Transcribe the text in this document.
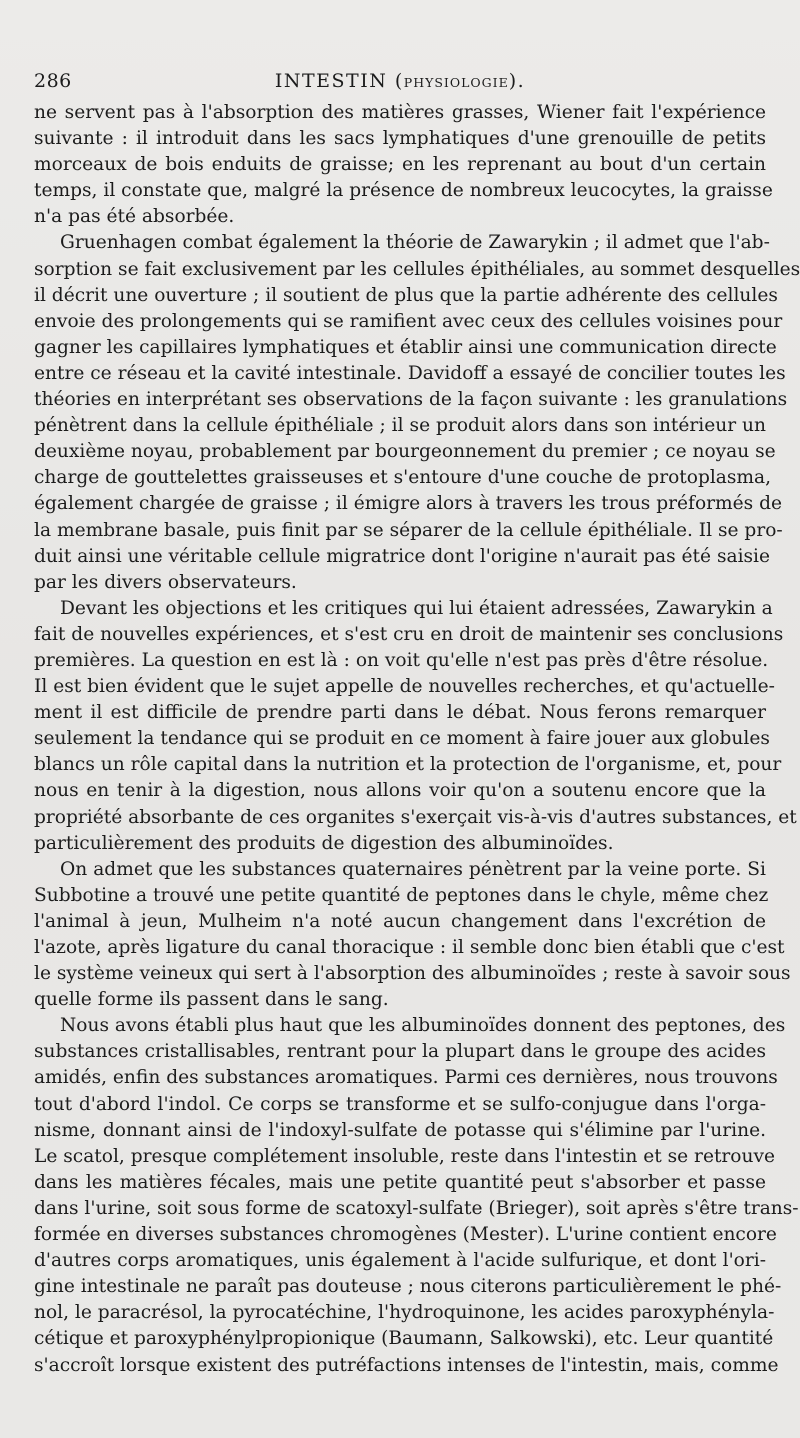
286	INTESTIN (PHYSIOLOGIE).
ne servent pas à l'absorption des matières grasses, Wiener fait l'expérience
suivante : il introduit dans les sacs lymphatiques d'une grenouille de petits
morceaux de bois enduits de graisse; en les reprenant au bout d'un certain
temps, il constate que, malgré la présence de nombreux leucocytes, la graisse
n'a pas été absorbée.
Gruenhagen combat également la théorie de Zawarykin ; il admet que l'ab-
sorption se fait exclusivement par les cellules épithéliales, au sommet desquelles
il décrit une ouverture ; il soutient de plus que la partie adhérente des cellules
envoie des prolongements qui se ramifient avec ceux des cellules voisines pour
gagner les capillaires lymphatiques et établir ainsi une communication directe
entre ce réseau et la cavité intestinale. Davidoff a essayé de concilier toutes les
théories en interprétant ses observations de la façon suivante : les granulations
pénètrent dans la cellule épithéliale ; il se produit alors dans son intérieur un
deuxième noyau, probablement par bourgeonnement du premier ; ce noyau se
charge de gouttelettes graisseuses et s'entoure d'une couche de protoplasma,
également chargée de graisse ; il émigre alors à travers les trous préformés de
la membrane basale, puis finit par se séparer de la cellule épithéliale. Il se pro-
duit ainsi une véritable cellule migratrice dont l'origine n'aurait pas été saisie
par les divers observateurs.
Devant les objections et les critiques qui lui étaient adressées, Zawarykin a
fait de nouvelles expériences, et s'est cru en droit de maintenir ses conclusions
premières. La question en est là : on voit qu'elle n'est pas près d'être résolue.
Il est bien évident que le sujet appelle de nouvelles recherches, et qu'actuelle-
ment il est difficile de prendre parti dans le débat. Nous ferons remarquer
seulement la tendance qui se produit en ce moment à faire jouer aux globules
blancs un rôle capital dans la nutrition et la protection de l'organisme, et, pour
nous en tenir à la digestion, nous allons voir qu'on a soutenu encore que la
propriété absorbante de ces organites s'exerçait vis-à-vis d'autres substances, et
particulièrement des produits de digestion des albuminoïdes.
On admet que les substances quaternaires pénètrent par la veine porte. Si
Subbotine a trouvé une petite quantité de peptones dans le chyle, même chez
l'animal à jeun, Mulheim n'a noté aucun changement dans l'excrétion de
l'azote, après ligature du canal thoracique : il semble donc bien établi que c'est
le système veineux qui sert à l'absorption des albuminoïdes ; reste à savoir sous
quelle forme ils passent dans le sang.
Nous avons établi plus haut que les albuminoïdes donnent des peptones, des
substances cristallisables, rentrant pour la plupart dans le groupe des acides
amidés, enfin des substances aromatiques. Parmi ces dernières, nous trouvons
tout d'abord l'indol. Ce corps se transforme et se sulfo-conjugue dans l'orga-
nisme, donnant ainsi de l'indoxyl-sulfate de potasse qui s'élimine par l'urine.
Le scatol, presque complétement insoluble, reste dans l'intestin et se retrouve
dans les matières fécales, mais une petite quantité peut s'absorber et passe
dans l'urine, soit sous forme de scatoxyl-sulfate (Brieger), soit après s'être trans-
formée en diverses substances chromogènes (Mester). L'urine contient encore
d'autres corps aromatiques, unis également à l'acide sulfurique, et dont l'ori-
gine intestinale ne paraît pas douteuse ; nous citerons particulièrement le phé-
nol, le paracrésol, la pyrocatéchine, l'hydroquinone, les acides paroxyphényla-
cétique et paroxyphénylpropionique (Baumann, Salkowski), etc. Leur quantité
s'accroît lorsque existent des putréfactions intenses de l'intestin, mais, comme
